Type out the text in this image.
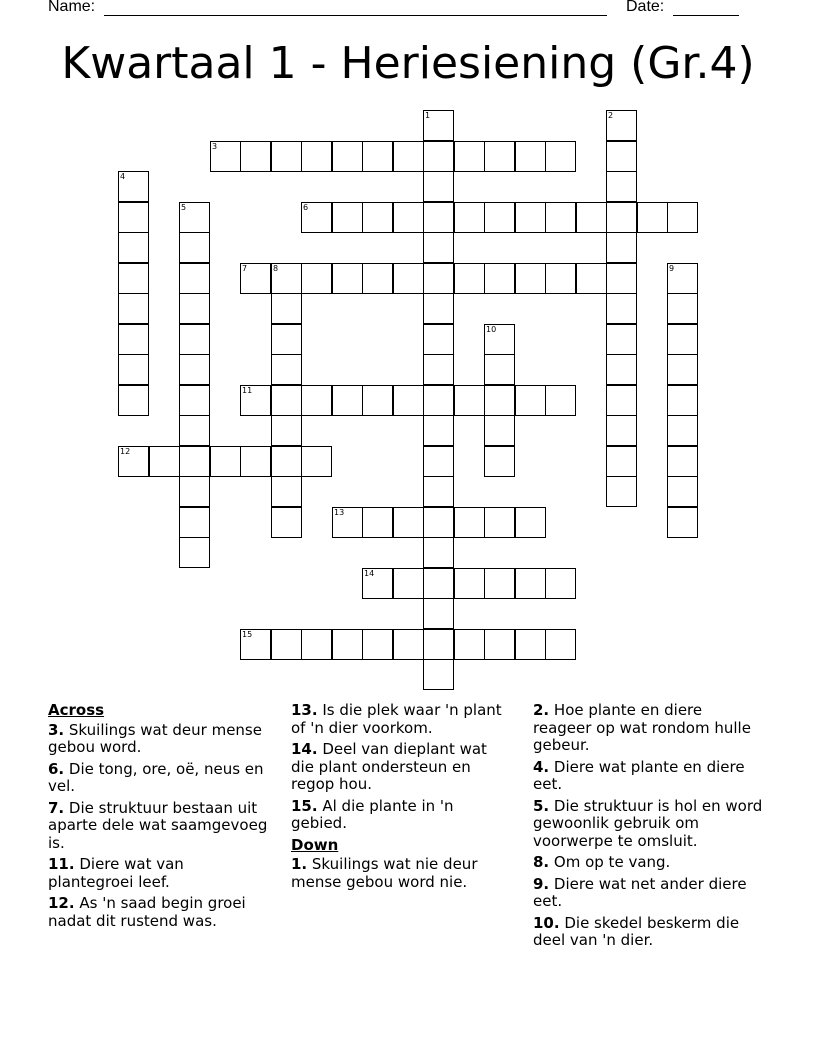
Name:	Date:
Kwartaal 1 - Heriesiening (Gr.4)
1	2
3
4
5	6
7	8	9
10
11
12
13
14
15
Across
3. Skuilings wat deur mense gebou word.
6. Die tong, ore, oë, neus en vel.
7. Die struktuur bestaan uit aparte dele wat saamgevoeg is.
11. Diere wat van plantegroei leef.
12. As 'n saad begin groei nadat dit rustend was.
13. Is die plek waar 'n plant of 'n dier voorkom.
14. Deel van dieplant wat die plant ondersteun en regop hou.
15. Al die plante in 'n gebied.
Down
1. Skuilings wat nie deur mense gebou word nie.
2. Hoe plante en diere reageer op wat rondom hulle gebeur.
4. Diere wat plante en diere eet.
5. Die struktuur is hol en word gewoonlik gebruik om voorwerpe te omsluit.
8. Om op te vang.
9. Diere wat net ander diere eet.
10. Die skedel beskerm die deel van 'n dier.
